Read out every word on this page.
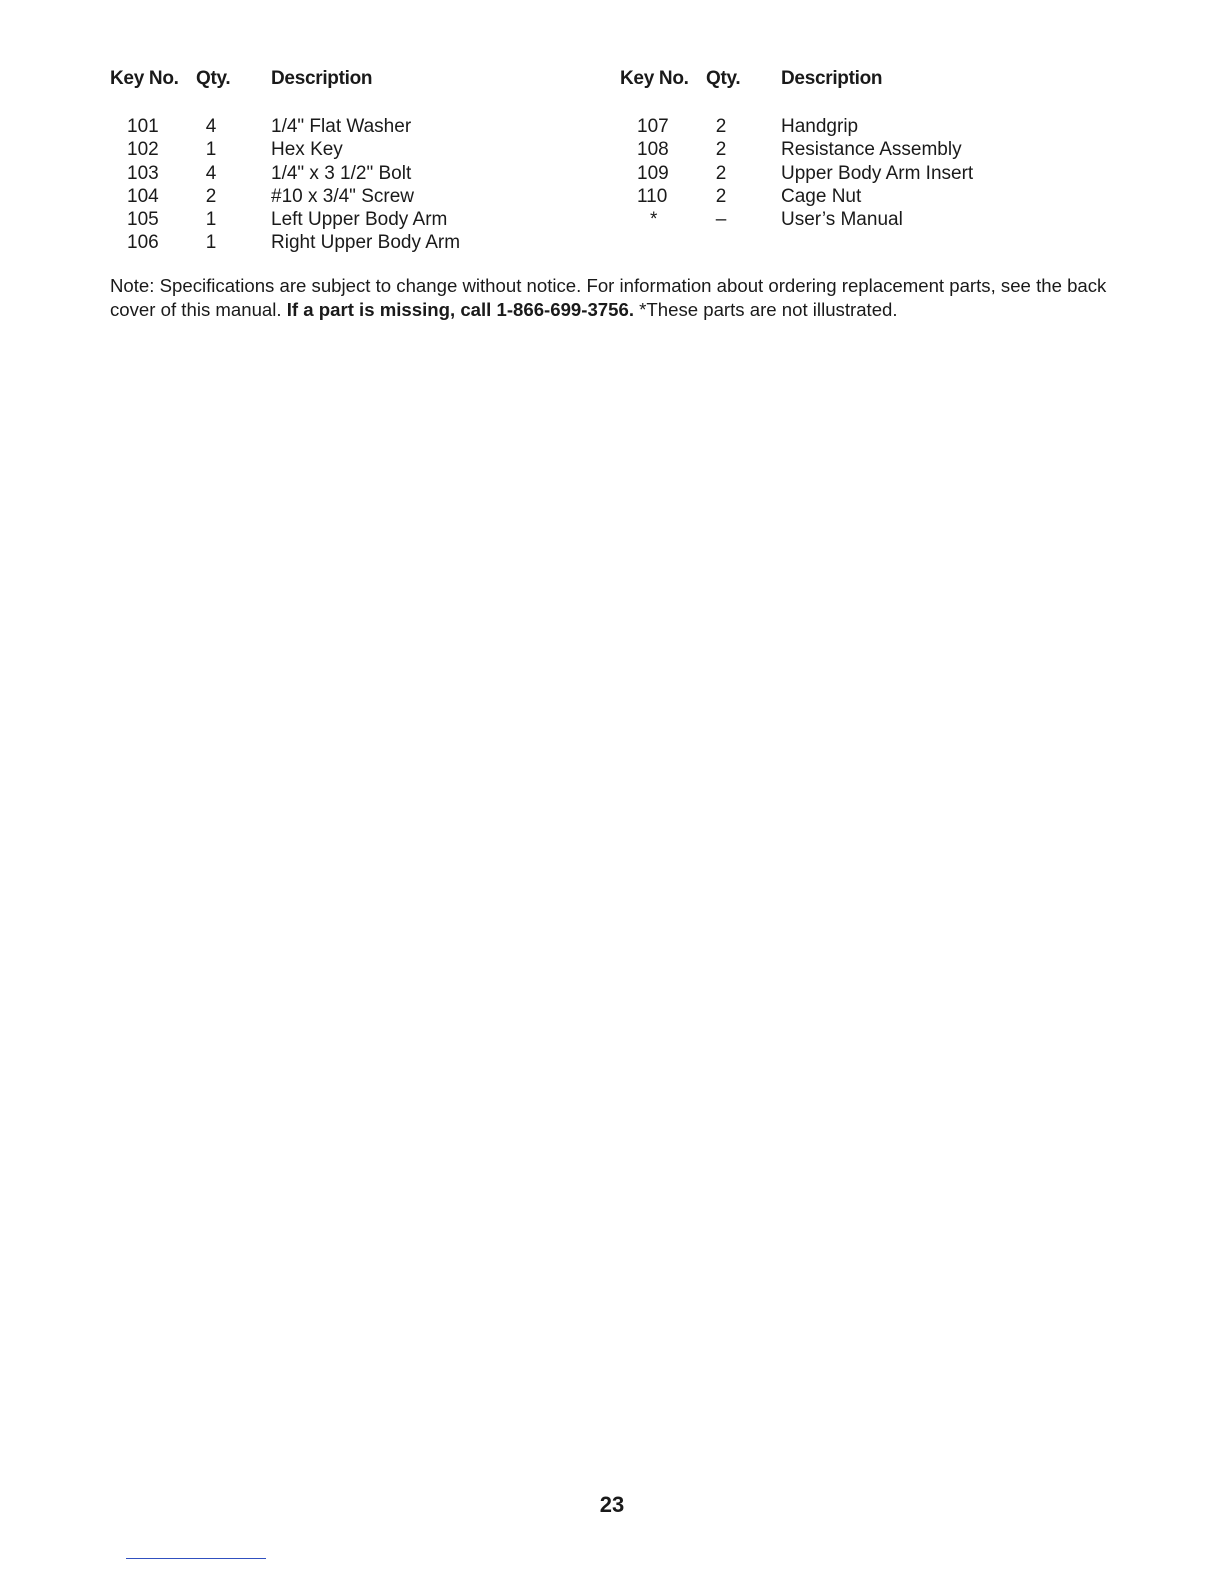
Key No. Qty. Description
101 4	1/4" Flat Washer
102 1	Hex Key
103 4	1/4" x 3 1/2" Bolt
104 2	#10 x 3/4" Screw
105 1	Left Upper Body Arm
106 1	Right Upper Body Arm
Key No. Qty. Description
107 2	Handgrip
108 2	Resistance Assembly
109 2	Upper Body Arm Insert
110	2	Cage Nut
*	–	User’s Manual

Note: Specifications are subject to change without notice. For information about ordering replacement parts, see the back cover of this manual. If a part is missing, call 1-866-699-3756. *These parts are not illustrated.

23
